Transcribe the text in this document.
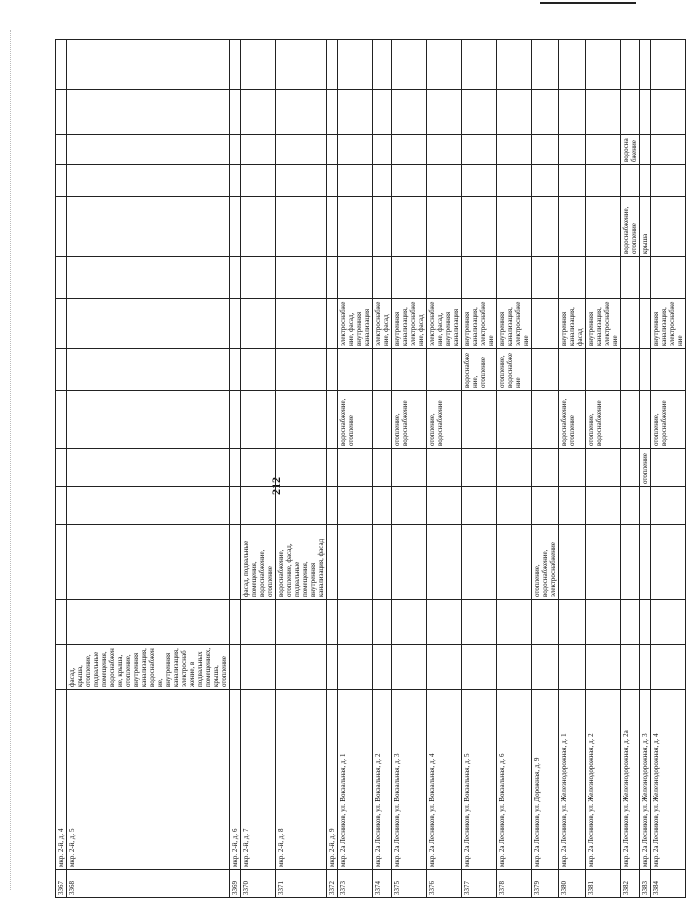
212
3367	мкр. 2-й, д. 4														
3368	мкр. 2-й, д. 5	фасад, крыша, отопление, подвальные помещения, водоснабжение, крыша, отопление, внутренняя канализация, водоснабжение, внутренняя канализация, электроснабжение, в подвальных помещениях, крыша, отопление													
3369	мкр. 2-й, д. 6														
3370	мкр. 2-й, д. 7			фасад, подвальные помещения, водоснабжение, отопление											
3371	мкр. 2-й, д. 8			водоснабжение, отопление, фасад, подвальные помещения, внутренняя канализация, фасад											
3372	мкр. 2-й, д. 9														
3373	мкр. 2а Лесников, ул. Вокзальная, д. 1						водоснабжение, отопление		электроснабжение, фасад, внутренняя канализация						
3374	мкр. 2а Лесников, ул. Вокзальная, д. 2								электроснабжение, фасад						
3375	мкр. 2а Лесников, ул. Вокзальная, д. 3						отопление, водоснабжение		внутренняя канализация, электроснабжение, фасад						
3376	мкр. 2а Лесников, ул. Вокзальная, д. 4						отопление, водоснабжение		электроснабжение, фасад, внутренняя канализация						
3377	мкр. 2а Лесников, ул. Вокзальная, д. 5							водоснабжение, отопление	внутренняя канализация, электроснабжение						
3378	мкр. 2а Лесников, ул. Вокзальная, д. 6							отопление, водоснабжение	внутренняя канализация, электроснабжение						
3379	мкр. 2а Лесников, ул. Дорожная, д. 9			отопление, водоснабжение, электроснабжение											
3380	мкр. 2а Лесников, ул. Железнодорожная, д. 1						водоснабжение, отопление		внутренняя канализация, фасад						
3381	мкр. 2а Лесников, ул. Железнодорожная, д. 2						отопление, водоснабжение		внутренняя канализация, электроснабжение						
3382	мкр. 2а Лесников, ул. Железнодорожная, д. 2а										водоснабжение, отопление		водоснабжение		
3383	мкр. 2а Лесников, ул. Железнодорожная, д. 3					отопление					крыша				
3384	мкр. 2а Лесников, ул. Железнодорожная, д. 4						отопление, водоснабжение		внутренняя канализация, электроснабжение						
